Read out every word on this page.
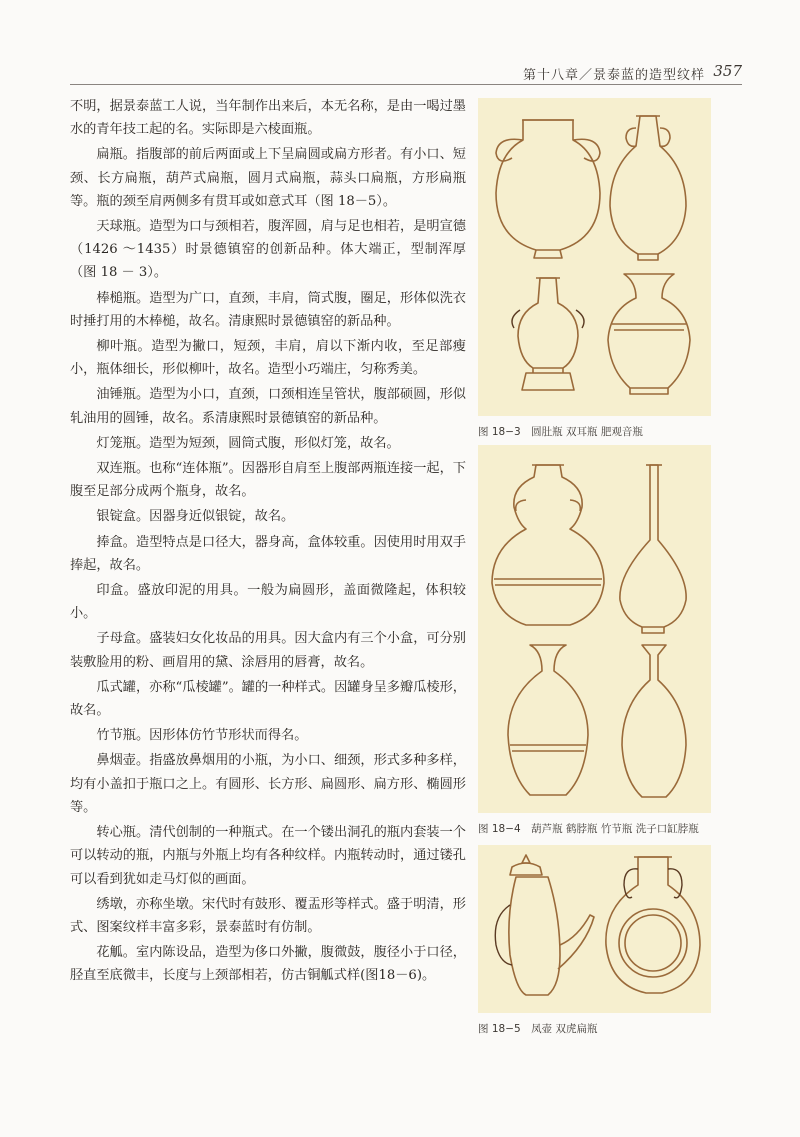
第十八章／景泰蓝的造型纹样 357

不明，据景泰蓝工人说，当年制作出来后，本无名称，是由一喝过墨水的青年技工起的名。实际即是六棱面瓶。

扁瓶。指腹部的前后两面或上下呈扁圆或扁方形者。有小口、短颈、长方扁瓶，葫芦式扁瓶，圆月式扁瓶，蒜头口扁瓶，方形扁瓶等。瓶的颈至肩两侧多有贯耳或如意式耳（图 18－5）。

天球瓶。造型为口与颈相若，腹浑圆，肩与足也相若，是明宣德（1426 ～1435）时景德镇窑的创新品种。体大端正，型制浑厚（图 18 － 3）。

棒槌瓶。造型为广口，直颈，丰肩，筒式腹，圈足，形体似洗衣时捶打用的木棒槌，故名。清康熙时景德镇窑的新品种。

柳叶瓶。造型为撇口，短颈，丰肩，肩以下渐内收，至足部瘦小，瓶体细长，形似柳叶，故名。造型小巧端庄，匀称秀美。

油锤瓶。造型为小口，直颈，口颈相连呈管状，腹部硕圆，形似轧油用的圆锤，故名。系清康熙时景德镇窑的新品种。

灯笼瓶。造型为短颈，圆筒式腹，形似灯笼，故名。

双连瓶。也称“连体瓶”。因器形自肩至上腹部两瓶连接一起，下腹至足部分成两个瓶身，故名。

银锭盒。因器身近似银锭，故名。

捧盒。造型特点是口径大，器身高，盒体较重。因使用时用双手捧起，故名。

印盒。盛放印泥的用具。一般为扁圆形，盖面微隆起，体积较小。

子母盒。盛装妇女化妆品的用具。因大盒内有三个小盒，可分别装敷脸用的粉、画眉用的黛、涂唇用的唇膏，故名。

瓜式罐，亦称“瓜棱罐”。罐的一种样式。因罐身呈多瓣瓜棱形，故名。

竹节瓶。因形体仿竹节形状而得名。

鼻烟壶。指盛放鼻烟用的小瓶，为小口、细颈，形式多种多样，均有小盖扣于瓶口之上。有圆形、长方形、扁圆形、扁方形、椭圆形等。

转心瓶。清代创制的一种瓶式。在一个镂出洞孔的瓶内套装一个可以转动的瓶，内瓶与外瓶上均有各种纹样。内瓶转动时，通过镂孔可以看到犹如走马灯似的画面。

绣墩，亦称坐墩。宋代时有鼓形、覆盂形等样式。盛于明清，形式、图案纹样丰富多彩，景泰蓝时有仿制。

花觚。室内陈设品，造型为侈口外撇，腹微鼓，腹径小于口径，胫直至底微丰，长度与上颈部相若，仿古铜觚式样(图18－6)。

图 18−3　圆肚瓶 双耳瓶 肥观音瓶
图 18−4　葫芦瓶 鹤脖瓶 竹节瓶 洗子口缸脖瓶
图 18−5　凤壶 双虎扁瓶
